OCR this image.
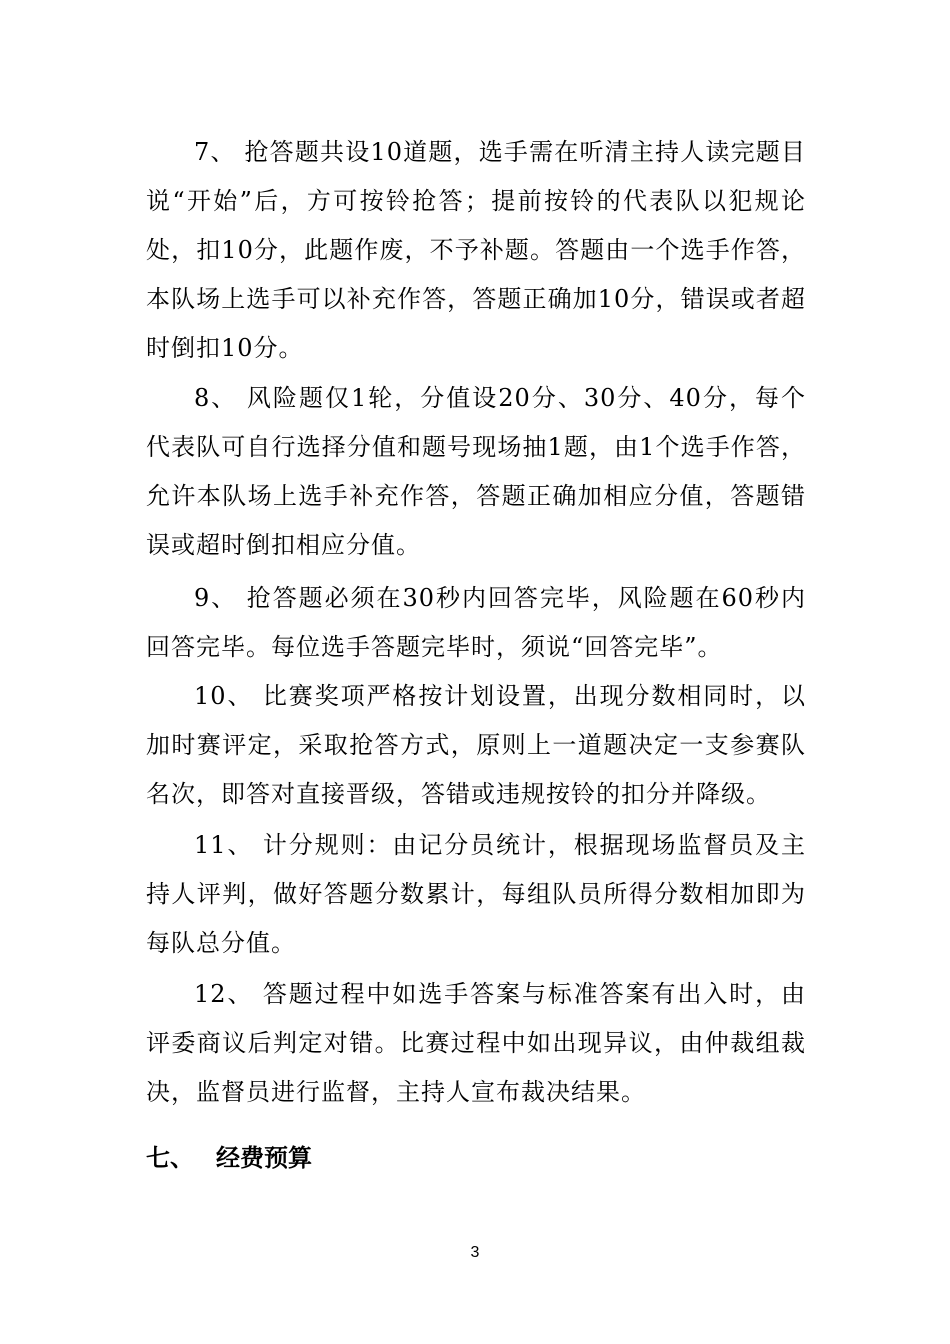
7、 抢答题共设10道题，选手需在听清主持人读完题目说“开始”后，方可按铃抢答；提前按铃的代表队以犯规论处，扣10分，此题作废，不予补题。答题由一个选手作答，本队场上选手可以补充作答，答题正确加10分，错误或者超时倒扣10分。

8、 风险题仅1轮，分值设20分、30分、40分，每个代表队可自行选择分值和题号现场抽1题，由1个选手作答，允许本队场上选手补充作答，答题正确加相应分值，答题错误或超时倒扣相应分值。

9、 抢答题必须在30秒内回答完毕，风险题在60秒内回答完毕。每位选手答题完毕时，须说“回答完毕”。

10、 比赛奖项严格按计划设置，出现分数相同时，以加时赛评定，采取抢答方式，原则上一道题决定一支参赛队名次，即答对直接晋级，答错或违规按铃的扣分并降级。

11、 计分规则：由记分员统计，根据现场监督员及主持人评判，做好答题分数累计，每组队员所得分数相加即为每队总分值。

12、 答题过程中如选手答案与标准答案有出入时，由评委商议后判定对错。比赛过程中如出现异议，由仲裁组裁决，监督员进行监督，主持人宣布裁决结果。

七、 经费预算
3
